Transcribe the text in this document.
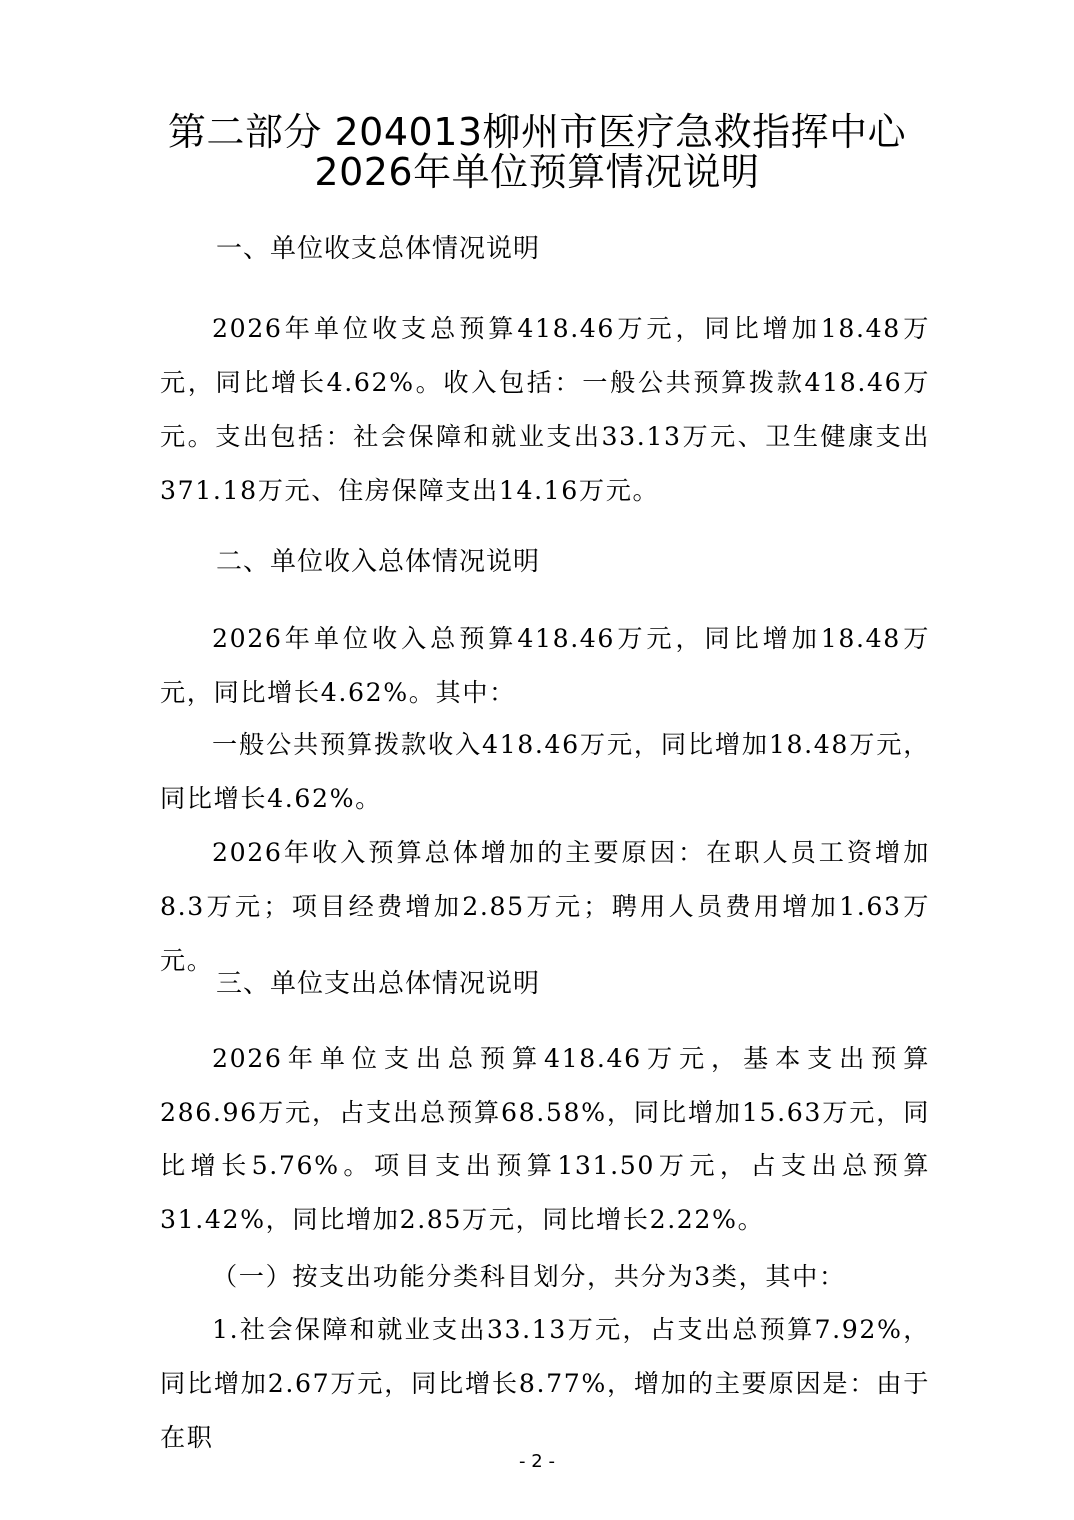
第二部分 204013柳州市医疗急救指挥中心
2026年单位预算情况说明
一、单位收支总体情况说明

2026年单位收支总预算418.46万元，同比增加18.48万元，同比增长4.62%。收入包括：一般公共预算拨款418.46万元。支出包括：社会保障和就业支出33.13万元、卫生健康支出371.18万元、住房保障支出14.16万元。

二、单位收入总体情况说明

2026年单位收入总预算418.46万元，同比增加18.48万元，同比增长4.62%。其中：

一般公共预算拨款收入418.46万元，同比增加18.48万元，同比增长4.62%。

2026年收入预算总体增加的主要原因：在职人员工资增加8.3万元；项目经费增加2.85万元；聘用人员费用增加1.63万元。

三、单位支出总体情况说明

2026年单位支出总预算418.46万元，基本支出预算286.96万元，占支出总预算68.58%，同比增加15.63万元，同比增长5.76%。项目支出预算131.50万元，占支出总预算31.42%，同比增加2.85万元，同比增长2.22%。

（一）按支出功能分类科目划分，共分为3类，其中：

1.社会保障和就业支出33.13万元，占支出总预算7.92%，同比增加2.67万元，同比增长8.77%，增加的主要原因是：由于在职

- 2 -
